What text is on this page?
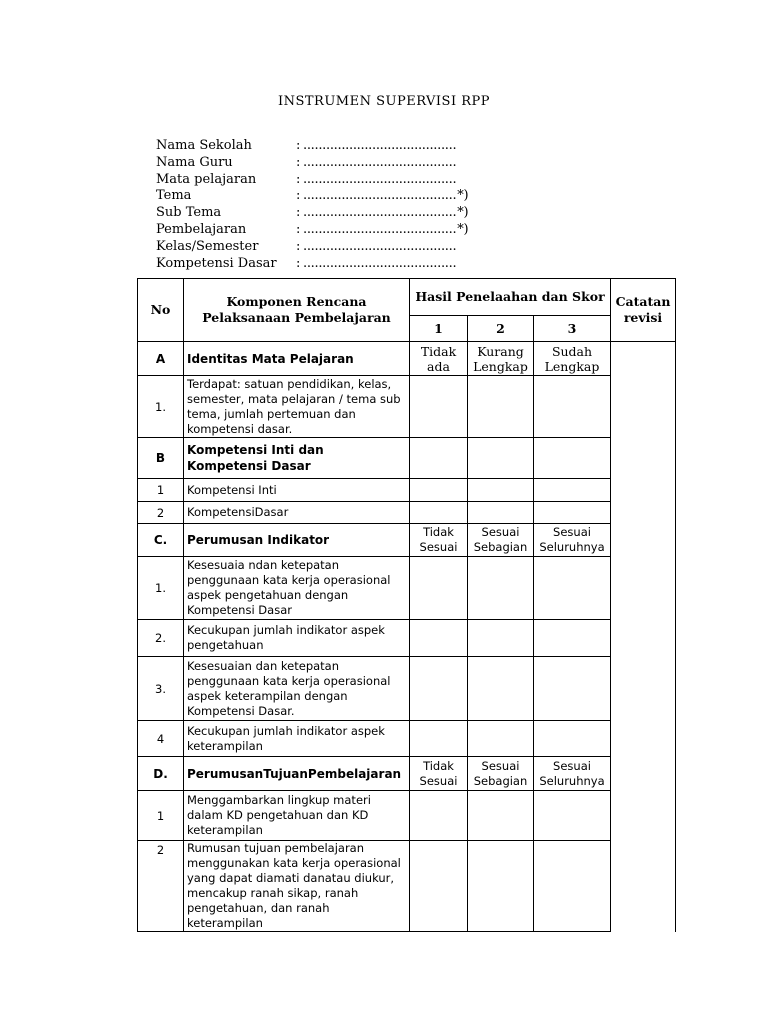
INSTRUMEN SUPERVISI RPP
Nama Sekolah	: ........................................
Nama Guru	: ........................................
Mata pelajaran	: ........................................
Tema	: ........................................*)
Sub Tema	: ........................................*)
Pembelajaran	: ........................................*)
Kelas/Semester	: ........................................
Kompetensi Dasar : ........................................
No	Komponen Rencana Pelaksanaan Pembelajaran	Hasil Penelaahan dan Skor			Catatan revisi
		1	2	3	
A	Identitas Mata Pelajaran	Tidak ada	Kurang Lengkap	Sudah Lengkap	
1.	Terdapat: satuan pendidikan, kelas, semester, mata pelajaran / tema sub tema, jumlah pertemuan dan kompetensi dasar.				
B	Kompetensi Inti dan Kompetensi Dasar				
1	Kompetensi Inti				
2	KompetensiDasar				
C.	Perumusan Indikator	Tidak Sesuai	Sesuai Sebagian	Sesuai Seluruhnya	
1.	Kesesuaia ndan ketepatan penggunaan kata kerja operasional aspek pengetahuan dengan Kompetensi Dasar				
2.	Kecukupan jumlah indikator aspek pengetahuan				
3.	Kesesuaian dan ketepatan penggunaan kata kerja operasional aspek keterampilan dengan Kompetensi Dasar.				
4	Kecukupan jumlah indikator aspek keterampilan				
D.	PerumusanTujuanPembelajaran	Tidak Sesuai	Sesuai Sebagian	Sesuai Seluruhnya	
1	Menggambarkan lingkup materi dalam KD pengetahuan dan KD keterampilan				
2	Rumusan tujuan pembelajaran menggunakan kata kerja operasional yang dapat diamati danatau diukur, mencakup ranah sikap, ranah pengetahuan, dan ranah keterampilan				
